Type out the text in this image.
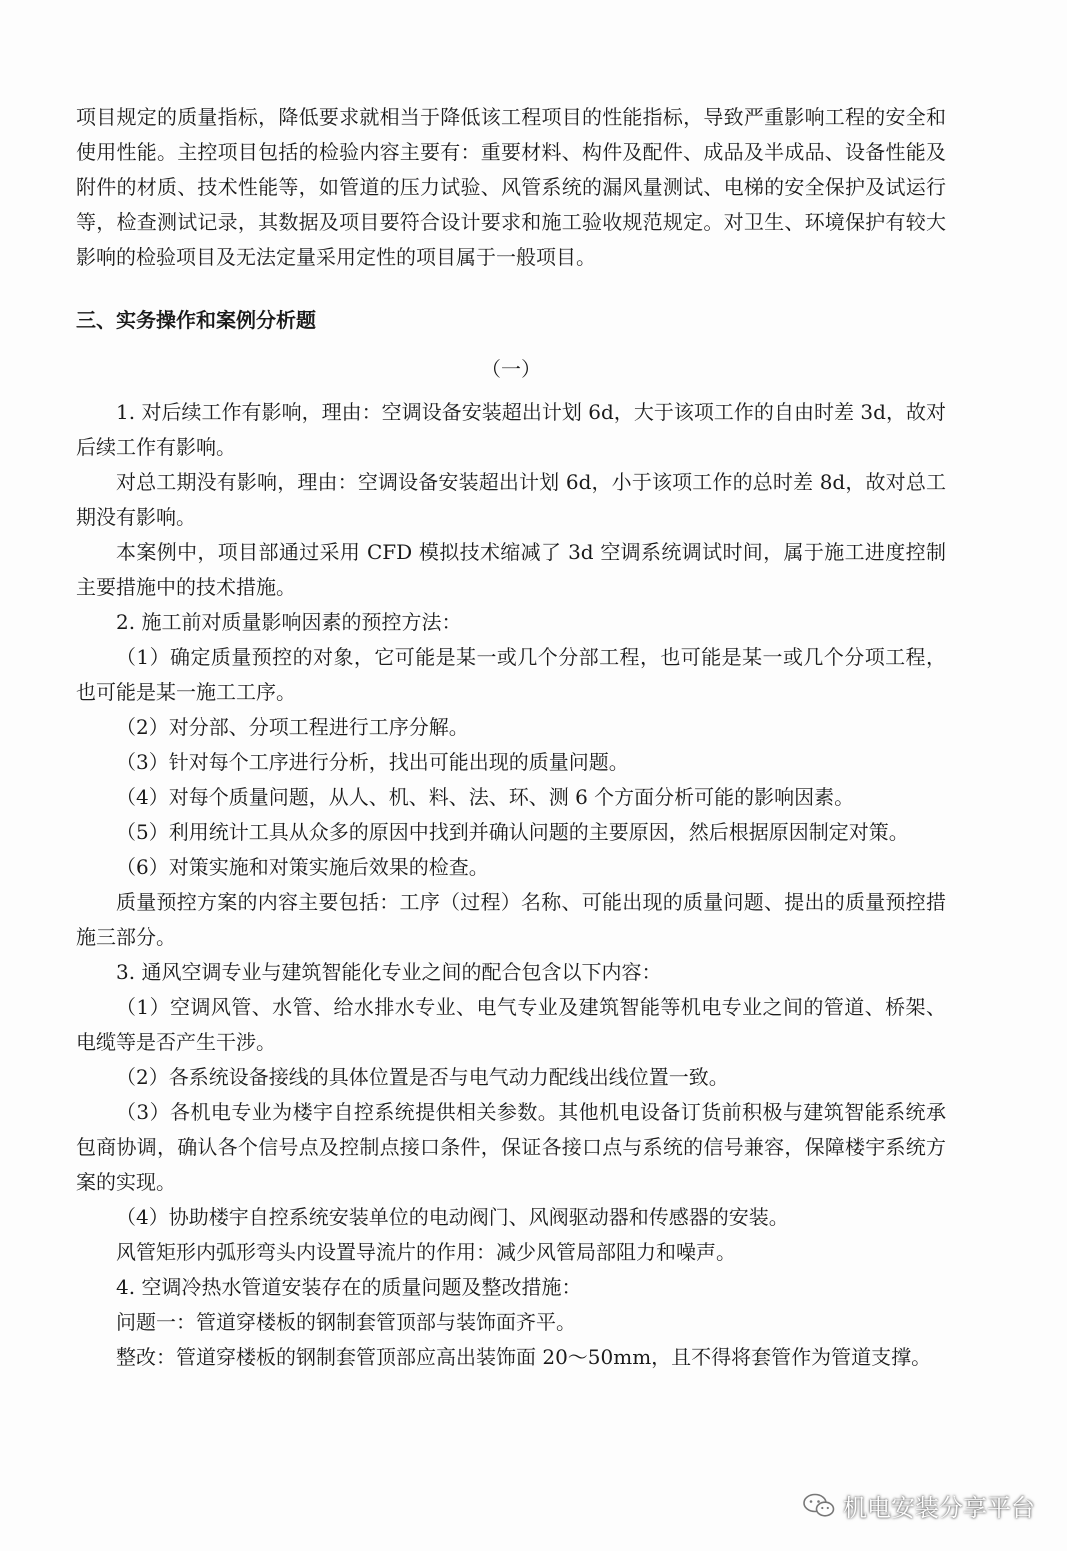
项目规定的质量指标，降低要求就相当于降低该工程项目的性能指标，导致严重影响工程的安全和使用性能。主控项目包括的检验内容主要有：重要材料、构件及配件、成品及半成品、设备性能及附件的材质、技术性能等，如管道的压力试验、风管系统的漏风量测试、电梯的安全保护及试运行等，检查测试记录，其数据及项目要符合设计要求和施工验收规范规定。对卫生、环境保护有较大影响的检验项目及无法定量采用定性的项目属于一般项目。

三、实务操作和案例分析题

（一）

1. 对后续工作有影响，理由：空调设备安装超出计划 6d，大于该项工作的自由时差 3d，故对后续工作有影响。

对总工期没有影响，理由：空调设备安装超出计划 6d，小于该项工作的总时差 8d，故对总工期没有影响。

本案例中，项目部通过采用 CFD 模拟技术缩减了 3d 空调系统调试时间，属于施工进度控制主要措施中的技术措施。

2. 施工前对质量影响因素的预控方法：

（1）确定质量预控的对象，它可能是某一或几个分部工程，也可能是某一或几个分项工程，也可能是某一施工工序。

（2）对分部、分项工程进行工序分解。

（3）针对每个工序进行分析，找出可能出现的质量问题。

（4）对每个质量问题，从人、机、料、法、环、测 6 个方面分析可能的影响因素。

（5）利用统计工具从众多的原因中找到并确认问题的主要原因，然后根据原因制定对策。

（6）对策实施和对策实施后效果的检查。

质量预控方案的内容主要包括：工序（过程）名称、可能出现的质量问题、提出的质量预控措施三部分。

3. 通风空调专业与建筑智能化专业之间的配合包含以下内容：

（1）空调风管、水管、给水排水专业、电气专业及建筑智能等机电专业之间的管道、桥架、电缆等是否产生干涉。

（2）各系统设备接线的具体位置是否与电气动力配线出线位置一致。

（3）各机电专业为楼宇自控系统提供相关参数。其他机电设备订货前积极与建筑智能系统承包商协调，确认各个信号点及控制点接口条件，保证各接口点与系统的信号兼容，保障楼宇系统方案的实现。

（4）协助楼宇自控系统安装单位的电动阀门、风阀驱动器和传感器的安装。

风管矩形内弧形弯头内设置导流片的作用：减少风管局部阻力和噪声。

4. 空调冷热水管道安装存在的质量问题及整改措施：

问题一：管道穿楼板的钢制套管顶部与装饰面齐平。

整改：管道穿楼板的钢制套管顶部应高出装饰面 20～50mm，且不得将套管作为管道支撑。

机电安装分享平台
